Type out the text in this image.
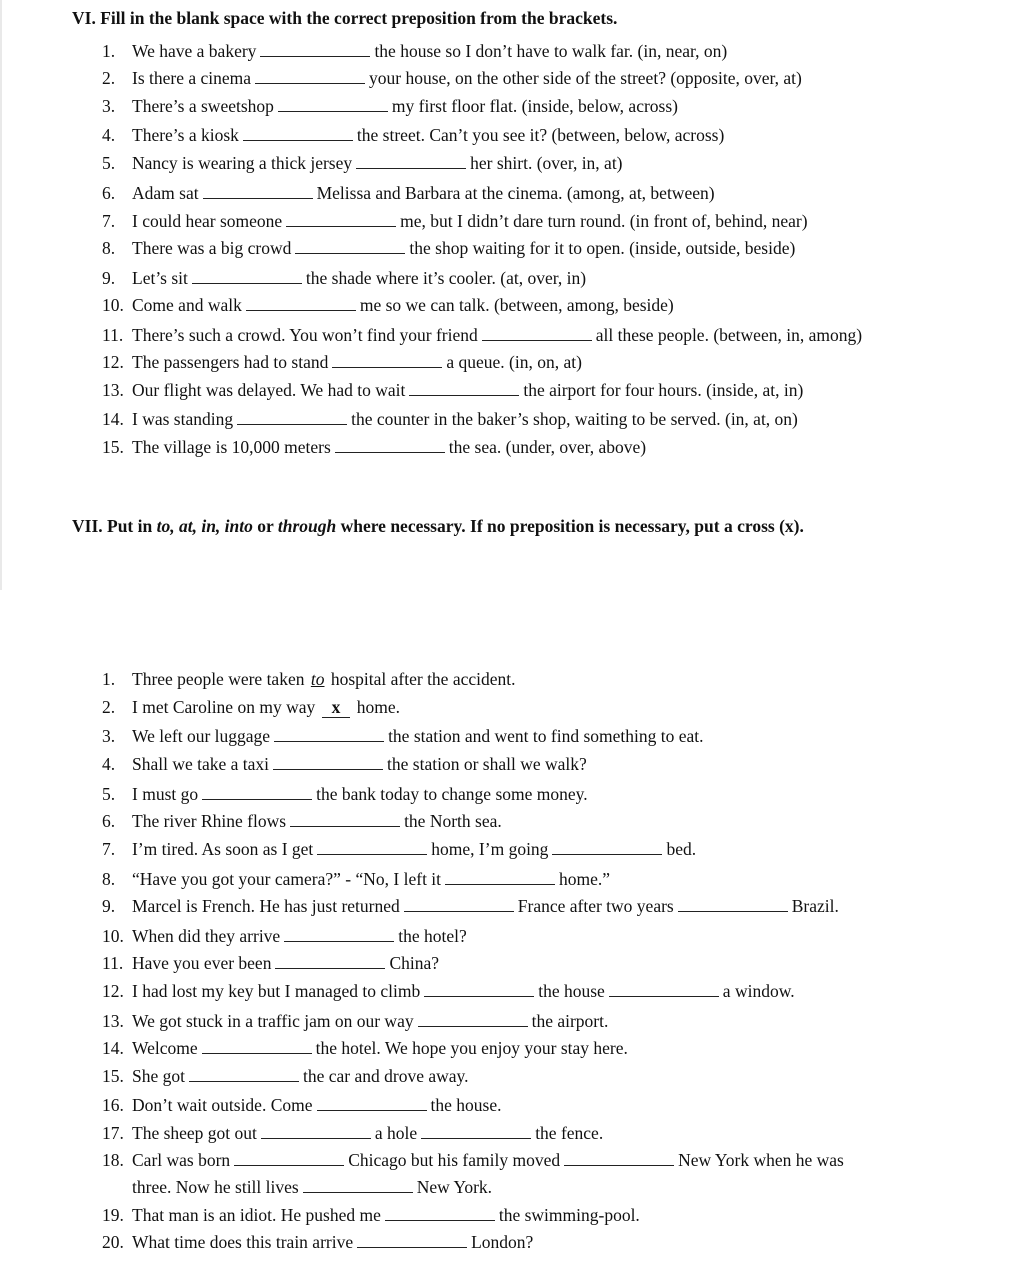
VI. Fill in the blank space with the correct preposition from the brackets.
1. We have a bakery	the house so I don’t have to walk far. (in, near, on)
2. Is there a cinema	your house, on the other side of the street? (opposite, over, at)
3. There’s a sweetshop	my first floor flat. (inside, below, across)
4. There’s a kiosk	the street. Can’t you see it? (between, below, across)
5. Nancy is wearing a thick jersey	her shirt. (over, in, at)
6. Adam sat	Melissa and Barbara at the cinema. (among, at, between)
7. I could hear someone	me, but I didn’t dare turn round. (in front of, behind, near)
8. There was a big crowd	the shop waiting for it to open. (inside, outside, beside)
9. Let’s sit	the shade where it’s cooler. (at, over, in)
10. Come and walk	me so we can talk. (between, among, beside)
11. There’s such a crowd. You won’t find your friend	all these people. (between, in, among)
12. The passengers had to stand	a queue. (in, on, at)
13. Our flight was delayed. We had to wait	the airport for four hours. (inside, at, in)
14. I was standing	the counter in the baker’s shop, waiting to be served. (in, at, on)
15. The village is 10,000 meters	the sea. (under, over, above)
VII. Put in to, at, in, into or through where necessary. If no preposition is necessary, put a cross (x).
1. Three people were taken to hospital after the accident.
2. I met Caroline on my way x home.
3. We left our luggage	the station and went to find something to eat.
4. Shall we take a taxi	the station or shall we walk?
5. I must go	the bank today to change some money.
6. The river Rhine flows	the North sea.
7. I’m tired. As soon as I get	home, I’m going	bed.
8. “Have you got your camera?” - “No, I left it	home.”
9. Marcel is French. He has just returned	France after two years	Brazil.
10. When did they arrive	the hotel?
11. Have you ever been	China?
12. I had lost my key but I managed to climb	the house	a window.
13. We got stuck in a traffic jam on our way	the airport.
14. Welcome	the hotel. We hope you enjoy your stay here.
15. She got	the car and drove away.
16. Don’t wait outside. Come	the house.
17. The sheep got out	a hole	the fence.
18. Carl was born	Chicago but his family moved	New York when he was
three. Now he still lives	New York.
19. That man is an idiot. He pushed me	the swimming-pool.
20. What time does this train arrive	London?
